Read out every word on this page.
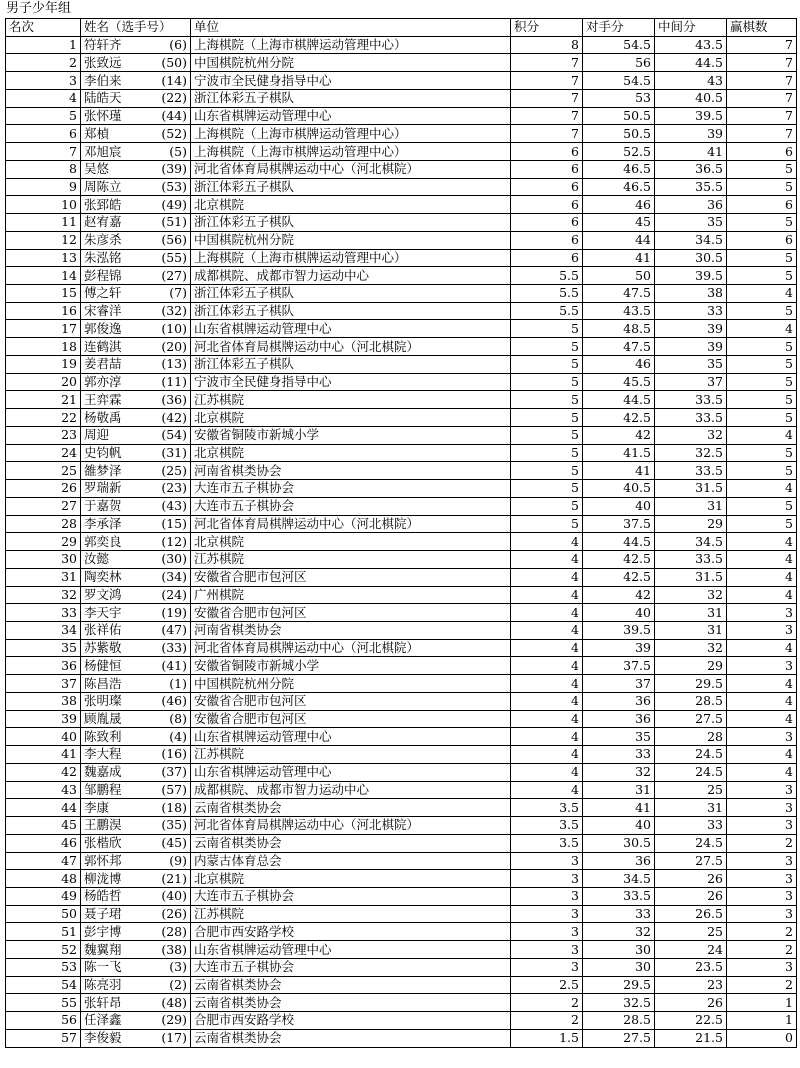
男子少年组
名次	姓名（选手号）	单位	积分	对手分	中间分	赢棋数
1	符轩齐 (6)	上海棋院（上海市棋牌运动管理中心）	8	54.5	43.5	7
2	张致远 (50)	中国棋院杭州分院	7	56	44.5	7
3	李伯来 (14)	宁波市全民健身指导中心	7	54.5	43	7
4	陆皓天 (22)	浙江体彩五子棋队	7	53	40.5	7
5	张怀瑾 (44)	山东省棋牌运动管理中心	7	50.5	39.5	7
6	郑楨 (52)	上海棋院（上海市棋牌运动管理中心）	7	50.5	39	7
7	邓旭宸 (5)	上海棋院（上海市棋牌运动管理中心）	6	52.5	41	6
8	吴悠 (39)	河北省体育局棋牌运动中心（河北棋院）	6	46.5	36.5	5
9	周陈立 (53)	浙江体彩五子棋队	6	46.5	35.5	5
10	张郅皓 (49)	北京棋院	6	46	36	6
11	赵宥嘉 (51)	浙江体彩五子棋队	6	45	35	5
12	朱彦杀 (56)	中国棋院杭州分院	6	44	34.5	6
13	朱泓铭 (55)	上海棋院（上海市棋牌运动管理中心）	6	41	30.5	5
14	彭程锦 (27)	成都棋院、成都市智力运动中心	5.5	50	39.5	5
15	傅之轩 (7)	浙江体彩五子棋队	5.5	47.5	38	4
16	宋睿洋 (32)	浙江体彩五子棋队	5.5	43.5	33	5
17	郭俊逸 (10)	山东省棋牌运动管理中心	5	48.5	39	4
18	连鹤淇 (20)	河北省体育局棋牌运动中心（河北棋院）	5	47.5	39	5
19	姜君喆 (13)	浙江体彩五子棋队	5	46	35	5
20	郭亦淳 (11)	宁波市全民健身指导中心	5	45.5	37	5
21	王弈霖 (36)	江苏棋院	5	44.5	33.5	5
22	杨敬禹 (42)	北京棋院	5	42.5	33.5	5
23	周迎 (54)	安徽省铜陵市新城小学	5	42	32	4
24	史钧帆 (31)	北京棋院	5	41.5	32.5	5
25	雒梦泽 (25)	河南省棋类协会	5	41	33.5	5
26	罗瑞新 (23)	大连市五子棋协会	5	40.5	31.5	4
27	于嘉贺 (43)	大连市五子棋协会	5	40	31	5
28	李承泽 (15)	河北省体育局棋牌运动中心（河北棋院）	5	37.5	29	5
29	郭奕良 (12)	北京棋院	4	44.5	34.5	4
30	汝懿 (30)	江苏棋院	4	42.5	33.5	4
31	陶奕林 (34)	安徽省合肥市包河区	4	42.5	31.5	4
32	罗文鸿 (24)	广州棋院	4	42	32	4
33	李天宇 (19)	安徽省合肥市包河区	4	40	31	3
34	张祥佑 (47)	河南省棋类协会	4	39.5	31	3
35	苏紫敬 (33)	河北省体育局棋牌运动中心（河北棋院）	4	39	32	4
36	杨健恒 (41)	安徽省铜陵市新城小学	4	37.5	29	3
37	陈昌浩 (1)	中国棋院杭州分院	4	37	29.5	4
38	张明璨 (46)	安徽省合肥市包河区	4	36	28.5	4
39	顾胤晟 (8)	安徽省合肥市包河区	4	36	27.5	4
40	陈致利 (4)	山东省棋牌运动管理中心	4	35	28	3
41	李大程 (16)	江苏棋院	4	33	24.5	4
42	魏嘉成 (37)	山东省棋牌运动管理中心	4	32	24.5	4
43	邹鹏程 (57)	成都棋院、成都市智力运动中心	4	31	25	3
44	李康 (18)	云南省棋类协会	3.5	41	31	3
45	王鹏淏 (35)	河北省体育局棋牌运动中心（河北棋院）	3.5	40	33	3
46	张楷欣 (45)	云南省棋类协会	3.5	30.5	24.5	2
47	郭怀邦 (9)	内蒙古体育总会	3	36	27.5	3
48	柳泷博 (21)	北京棋院	3	34.5	26	3
49	杨皓哲 (40)	大连市五子棋协会	3	33.5	26	3
50	聂子珺 (26)	江苏棋院	3	33	26.5	3
51	彭宇博 (28)	合肥市西安路学校	3	32	25	2
52	魏翼翔 (38)	山东省棋牌运动管理中心	3	30	24	2
53	陈一飞 (3)	大连市五子棋协会	3	30	23.5	3
54	陈亮羽 (2)	云南省棋类协会	2.5	29.5	23	2
55	张轩昂 (48)	云南省棋类协会	2	32.5	26	1
56	任泽鑫 (29)	合肥市西安路学校	2	28.5	22.5	1
57	李俊毅 (17)	云南省棋类协会	1.5	27.5	21.5	0
